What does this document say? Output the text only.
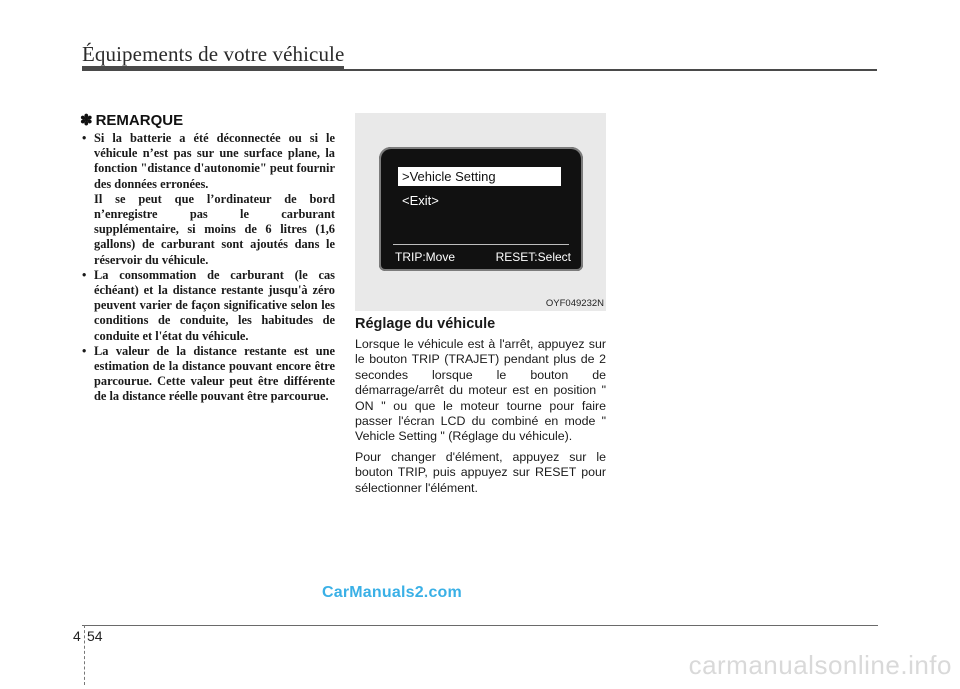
Équipements de votre véhicule
✽ REMARQUE

• Si la batterie a été déconnectée ou si le véhicule n’est pas sur une surface plane, la fonction "distance d'autonomie" peut fournir des données erronées.

Il se peut que l’ordinateur de bord n’enregistre pas le carburant supplémentaire, si moins de 6 litres (1,6 gallons) de carburant sont ajoutés dans le réservoir du véhicule.

• La consommation de carburant (le cas échéant) et la distance restante jusqu'à zéro peuvent varier de façon significative selon les conditions de conduite, les habitudes de conduite et l'état du véhicule.

• La valeur de la distance restante est une estimation de la distance pouvant encore être parcourue. Cette valeur peut être différente de la distance réelle pouvant être parcourue.

>Vehicle Setting
<Exit>
TRIP:Move	RESET:Select
OYF049232N
Réglage du véhicule

Lorsque le véhicule est à l'arrêt, appuyez sur le bouton TRIP (TRAJET) pendant plus de 2 secondes lorsque le bouton de démarrage/arrêt du moteur est en position " ON " ou que le moteur tourne pour faire passer l'écran LCD du combiné en mode " Vehicle Setting " (Réglage du véhicule).

Pour changer d'élément, appuyez sur le bouton TRIP, puis appuyez sur RESET pour sélectionner l'élément.

CarManuals2.com
4 54
carmanualsonline.info
